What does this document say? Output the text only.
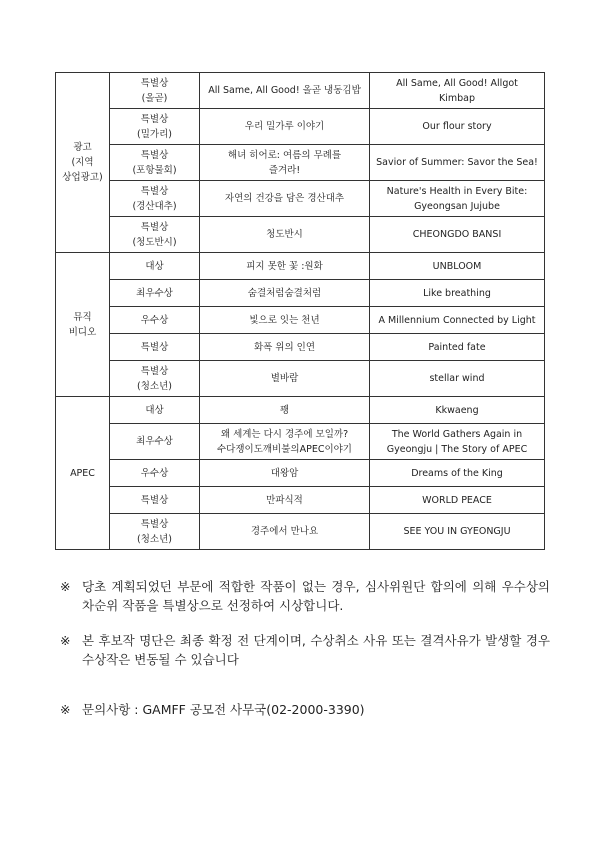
광고
(지역
상업광고)	특별상
(올곧)	All Same, All Good! 올곧 냉동김밥	All Same, All Good! Allgot
Kimbap
	특별상
(밀가리)	우리 밀가루 이야기	Our flour story
	특별상
(포항물회)	해녀 히어로: 여름의 무례를
즐겨라!	Savior of Summer: Savor the Sea!
	특별상
(경산대추)	자연의 건강을 담은 경산대추	Nature's Health in Every Bite:
Gyeongsan Jujube
	특별상
(청도반시)	청도반시	CHEONGDO BANSI
뮤직
비디오	대상	피지 못한 꽃 :원화	UNBLOOM
	최우수상	숨결처럼숨결처럼	Like breathing
	우수상	빛으로 잇는 천년	A Millennium Connected by Light
	특별상	화폭 위의 인연	Painted fate
	특별상
(청소년)	별바람	stellar wind
APEC	대상	꽹	Kkwaeng
	최우수상	왜 세계는 다시 경주에 모일까?
수다쟁이도깨비불의APEC이야기	The World Gathers Again in
Gyeongju | The Story of APEC
	우수상	대왕암	Dreams of the King
	특별상	만파식적	WORLD PEACE
	특별상
(청소년)	경주에서 만나요	SEE YOU IN GYEONGJU
※ 당초 계획되었던 부문에 적합한 작품이 없는 경우, 심사위원단 합의에 의해 우수상의 차순위 작품을 특별상으로 선정하여 시상합니다.
※ 본 후보작 명단은 최종 확정 전 단계이며, 수상취소 사유 또는 결격사유가 발생할 경우 수상작은 변동될 수 있습니다
※ 문의사항 : GAMFF 공모전 사무국(02-2000-3390)
